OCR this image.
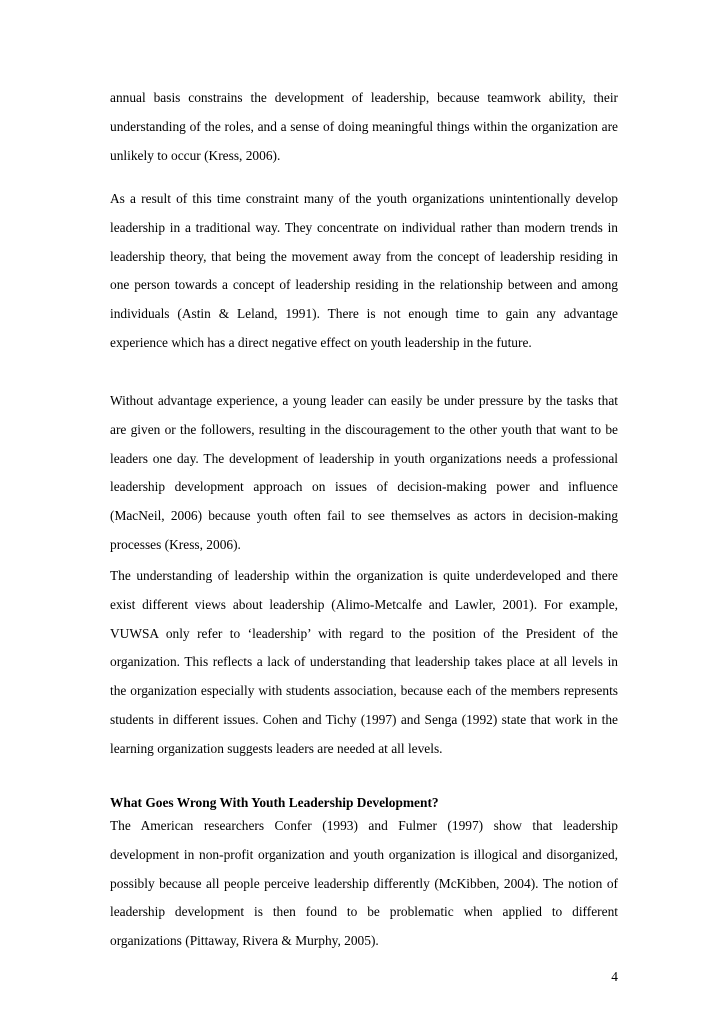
annual basis constrains the development of leadership, because teamwork ability, their understanding of the roles, and a sense of doing meaningful things within the organization are unlikely to occur (Kress, 2006).

As a result of this time constraint many of the youth organizations unintentionally develop leadership in a traditional way. They concentrate on individual rather than modern trends in leadership theory, that being the movement away from the concept of leadership residing in one person towards a concept of leadership residing in the relationship between and among individuals (Astin & Leland, 1991). There is not enough time to gain any advantage experience which has a direct negative effect on youth leadership in the future.

Without advantage experience, a young leader can easily be under pressure by the tasks that are given or the followers, resulting in the discouragement to the other youth that want to be leaders one day. The development of leadership in youth organizations needs a professional leadership development approach on issues of decision-making power and influence (MacNeil, 2006) because youth often fail to see themselves as actors in decision-making processes (Kress, 2006).

The understanding of leadership within the organization is quite underdeveloped and there exist different views about leadership (Alimo-Metcalfe and Lawler, 2001). For example, VUWSA only refer to ‘leadership’ with regard to the position of the President of the organization. This reflects a lack of understanding that leadership takes place at all levels in the organization especially with students association, because each of the members represents students in different issues. Cohen and Tichy (1997) and Senga (1992) state that work in the learning organization suggests leaders are needed at all levels.

What Goes Wrong With Youth Leadership Development?

The American researchers Confer (1993) and Fulmer (1997) show that leadership development in non-profit organization and youth organization is illogical and disorganized, possibly because all people perceive leadership differently (McKibben, 2004). The notion of leadership development is then found to be problematic when applied to different organizations (Pittaway, Rivera & Murphy, 2005).

4
